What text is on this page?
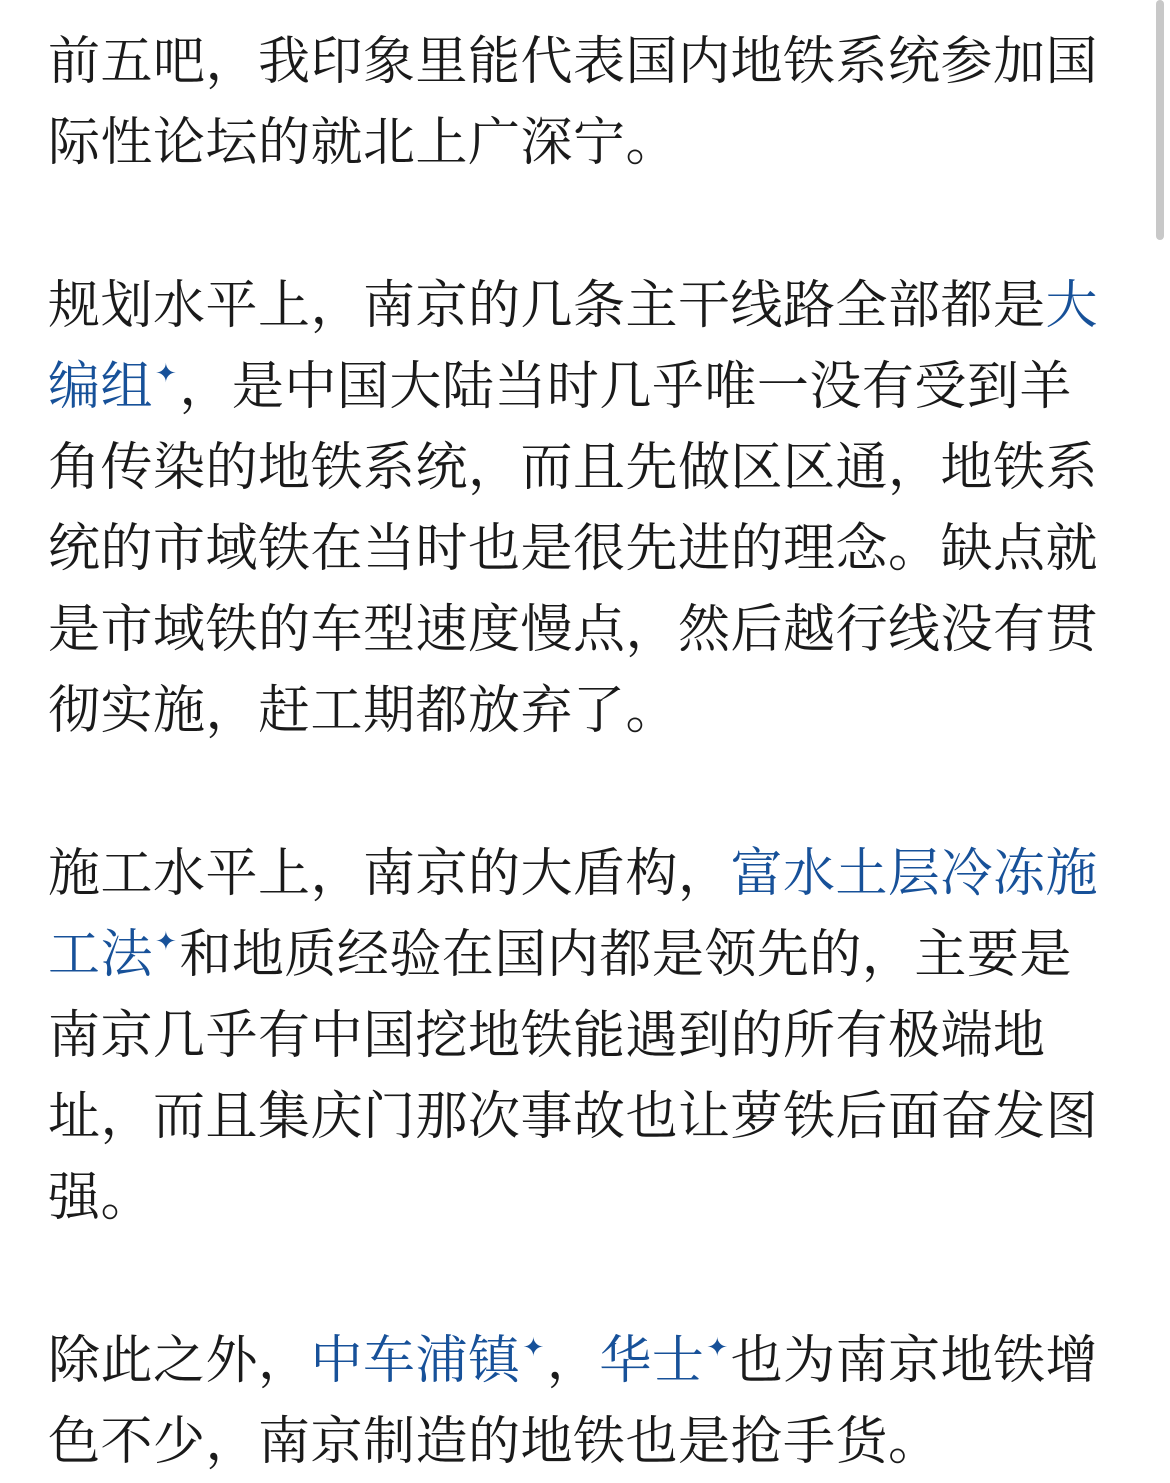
前五吧，我印象里能代表国内地铁系统参加国际性论坛的就北上广深宁。

规划水平上，南京的几条主干线路全部都是大编组✦，是中国大陆当时几乎唯一没有受到羊角传染的地铁系统，而且先做区区通，地铁系统的市域铁在当时也是很先进的理念。缺点就是市域铁的车型速度慢点，然后越行线没有贯彻实施，赶工期都放弃了。

施工水平上，南京的大盾构，富水土层冷冻施工法✦和地质经验在国内都是领先的，主要是南京几乎有中国挖地铁能遇到的所有极端地址，而且集庆门那次事故也让萝铁后面奋发图强。

除此之外，中车浦镇✦，华士✦也为南京地铁增色不少，南京制造的地铁也是抢手货。
